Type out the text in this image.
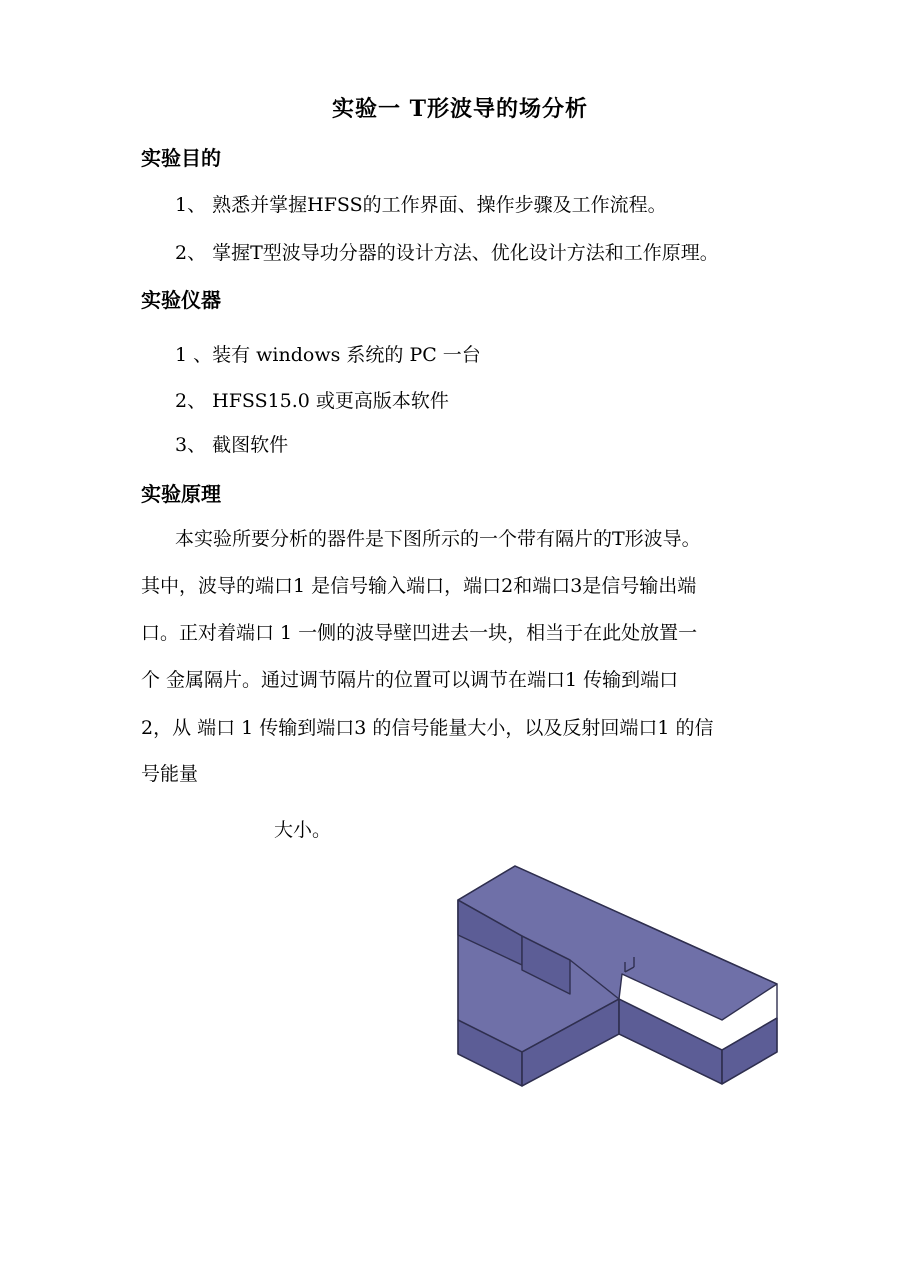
实验一 T形波导的场分析
实验目的
1、 熟悉并掌握HFSS的工作界面、操作步骤及工作流程。
2、 掌握T型波导功分器的设计方法、优化设计方法和工作原理。
实验仪器
1 、装有 windows 系统的 PC 一台
2、 HFSS15.0 或更高版本软件
3、 截图软件
实验原理
本实验所要分析的器件是下图所示的一个带有隔片的T形波导。
其中，波导的端口1 是信号输入端口，端口2和端口3是信号输出端
口。正对着端口 1 一侧的波导壁凹进去一块，相当于在此处放置一
个 金属隔片。通过调节隔片的位置可以调节在端口1 传输到端口
2，从 端口 1 传输到端口3 的信号能量大小，以及反射回端口1 的信
号能量
大小。
